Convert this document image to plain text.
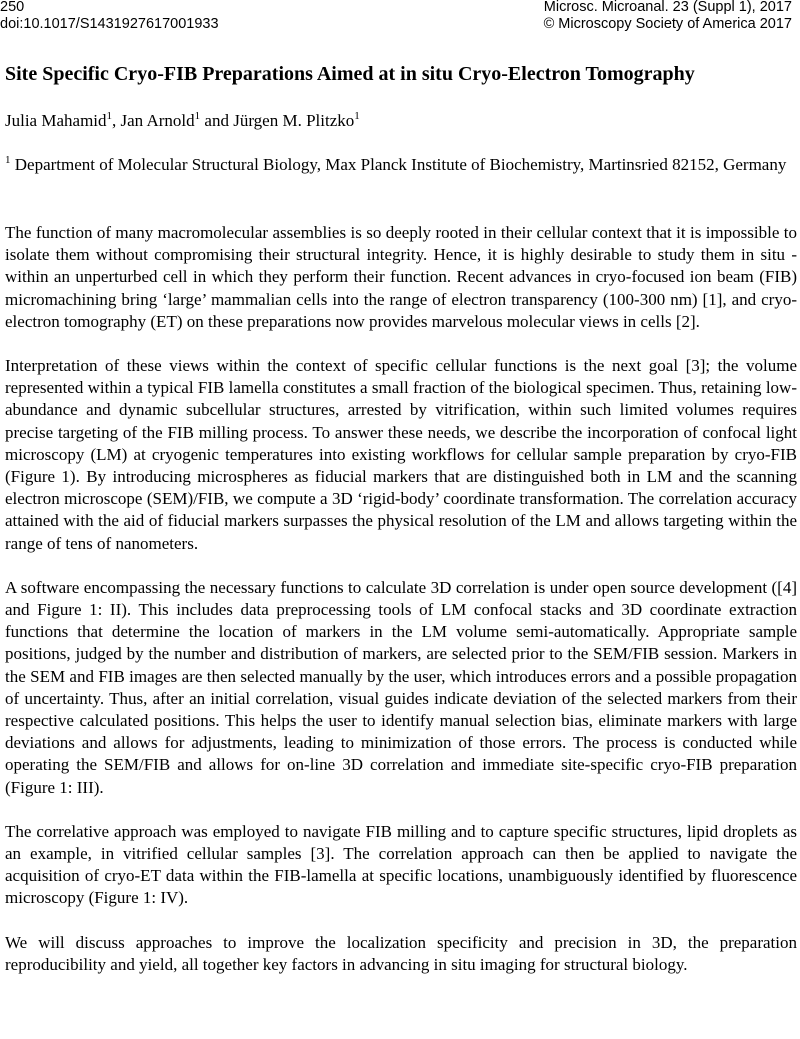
250
doi:10.1017/S1431927617001933
Microsc. Microanal. 23 (Suppl 1), 2017
© Microscopy Society of America 2017
Site Specific Cryo-FIB Preparations Aimed at in situ Cryo-Electron Tomography
Julia Mahamid$^1$, Jan Arnold$^1$ and Jürgen M. Plitzko$^1$
$^1$ Department of Molecular Structural Biology, Max Planck Institute of Biochemistry, Martinsried 82152, Germany

The function of many macromolecular assemblies is so deeply rooted in their cellular context that it is impossible to isolate them without compromising their structural integrity. Hence, it is highly desirable to study them in situ - within an unperturbed cell in which they perform their function. Recent advances in cryo-focused ion beam (FIB) micromachining bring ‘large’ mammalian cells into the range of electron transparency (100-300 nm) [1], and cryo-electron tomography (ET) on these preparations now provides marvelous molecular views in cells [2].

Interpretation of these views within the context of specific cellular functions is the next goal [3]; the volume represented within a typical FIB lamella constitutes a small fraction of the biological specimen. Thus, retaining low-abundance and dynamic subcellular structures, arrested by vitrification, within such limited volumes requires precise targeting of the FIB milling process. To answer these needs, we describe the incorporation of confocal light microscopy (LM) at cryogenic temperatures into existing workflows for cellular sample preparation by cryo-FIB (Figure 1). By introducing microspheres as fiducial markers that are distinguished both in LM and the scanning electron microscope (SEM)/FIB, we compute a 3D ‘rigid-body’ coordinate transformation. The correlation accuracy attained with the aid of fiducial markers surpasses the physical resolution of the LM and allows targeting within the range of tens of nanometers.

A software encompassing the necessary functions to calculate 3D correlation is under open source development ([4] and Figure 1: II). This includes data preprocessing tools of LM confocal stacks and 3D coordinate extraction functions that determine the location of markers in the LM volume semi-automatically. Appropriate sample positions, judged by the number and distribution of markers, are selected prior to the SEM/FIB session. Markers in the SEM and FIB images are then selected manually by the user, which introduces errors and a possible propagation of uncertainty. Thus, after an initial correlation, visual guides indicate deviation of the selected markers from their respective calculated positions. This helps the user to identify manual selection bias, eliminate markers with large deviations and allows for adjustments, leading to minimization of those errors. The process is conducted while operating the SEM/FIB and allows for on-line 3D correlation and immediate site-specific cryo-FIB preparation (Figure 1: III).

The correlative approach was employed to navigate FIB milling and to capture specific structures, lipid droplets as an example, in vitrified cellular samples [3]. The correlation approach can then be applied to navigate the acquisition of cryo-ET data within the FIB-lamella at specific locations, unambiguously identified by fluorescence microscopy (Figure 1: IV).

We will discuss approaches to improve the localization specificity and precision in 3D, the preparation reproducibility and yield, all together key factors in advancing in situ imaging for structural biology.
